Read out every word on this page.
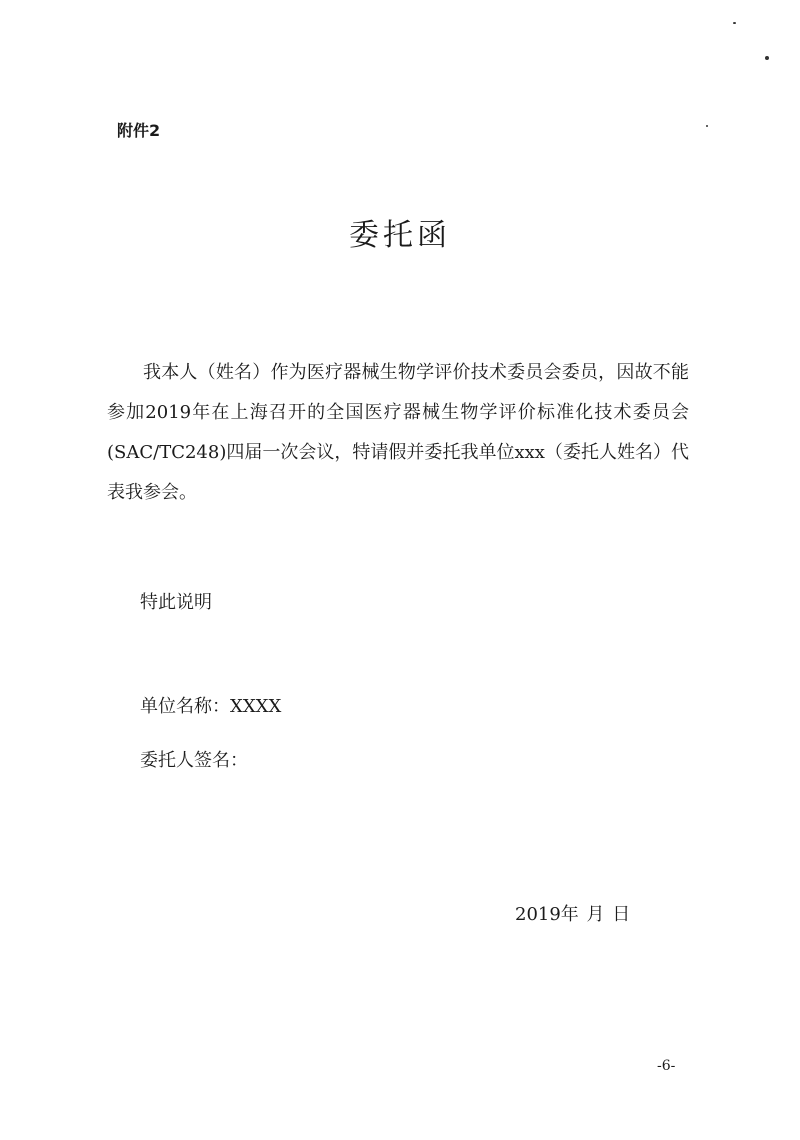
附件2
委托函
我本人（姓名）作为医疗器械生物学评价技术委员会委员，因故不能参加2019年在上海召开的全国医疗器械生物学评价标准化技术委员会(SAC/TC248)四届一次会议，特请假并委托我单位xxx（委托人姓名）代表我参会。
特此说明
单位名称：XXXX
委托人签名：
2019年 月 日
-6-
